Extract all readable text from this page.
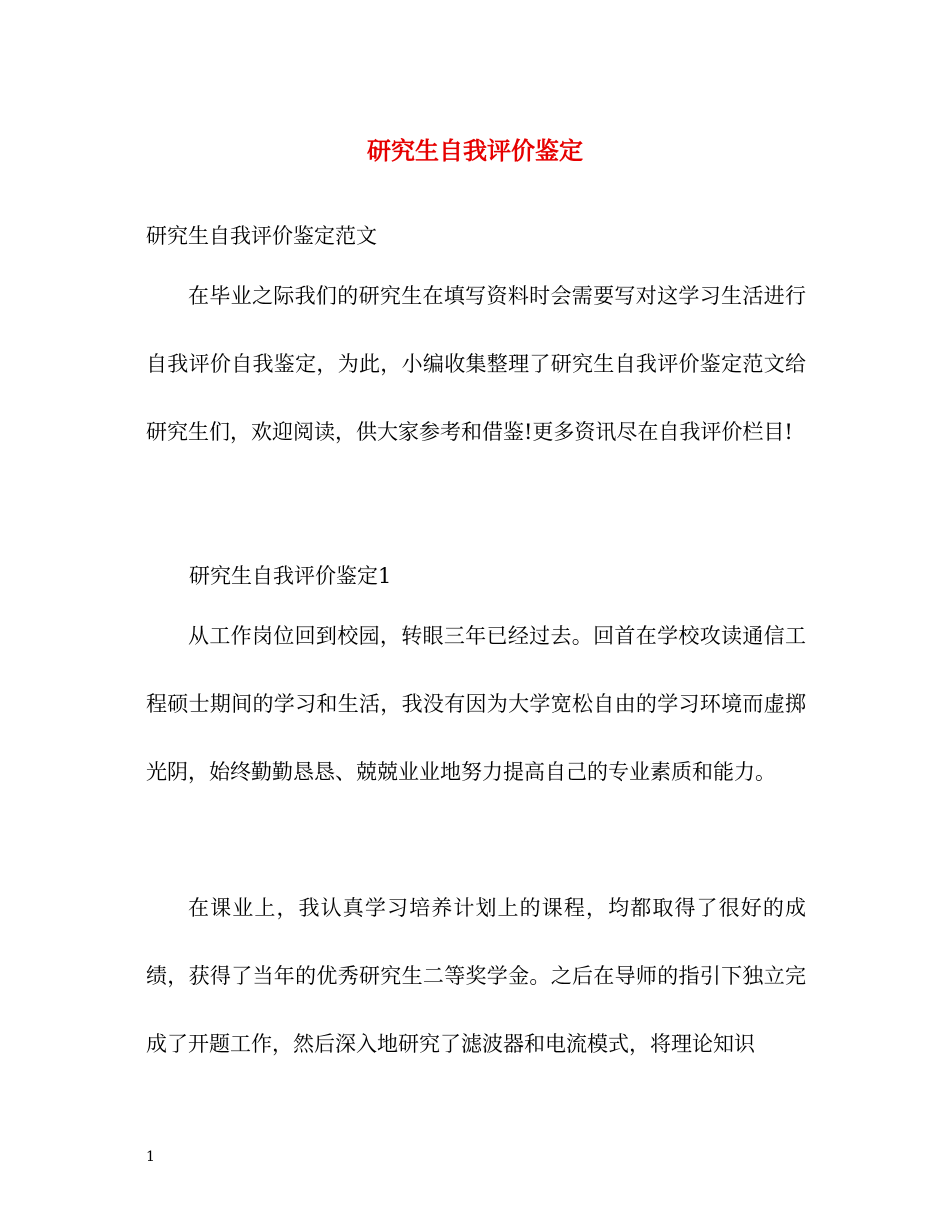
研究生自我评价鉴定
研究生自我评价鉴定范文

在毕业之际我们的研究生在填写资料时会需要写对这学习生活进行自我评价自我鉴定，为此，小编收集整理了研究生自我评价鉴定范文给研究生们，欢迎阅读，供大家参考和借鉴!更多资讯尽在自我评价栏目!

研究生自我评价鉴定1

从工作岗位回到校园，转眼三年已经过去。回首在学校攻读通信工程硕士期间的学习和生活，我没有因为大学宽松自由的学习环境而虚掷光阴，始终勤勤恳恳、兢兢业业地努力提高自己的专业素质和能力。

在课业上，我认真学习培养计划上的课程，均都取得了很好的成绩，获得了当年的优秀研究生二等奖学金。之后在导师的指引下独立完成了开题工作，然后深入地研究了滤波器和电流模式，将理论知识

1
